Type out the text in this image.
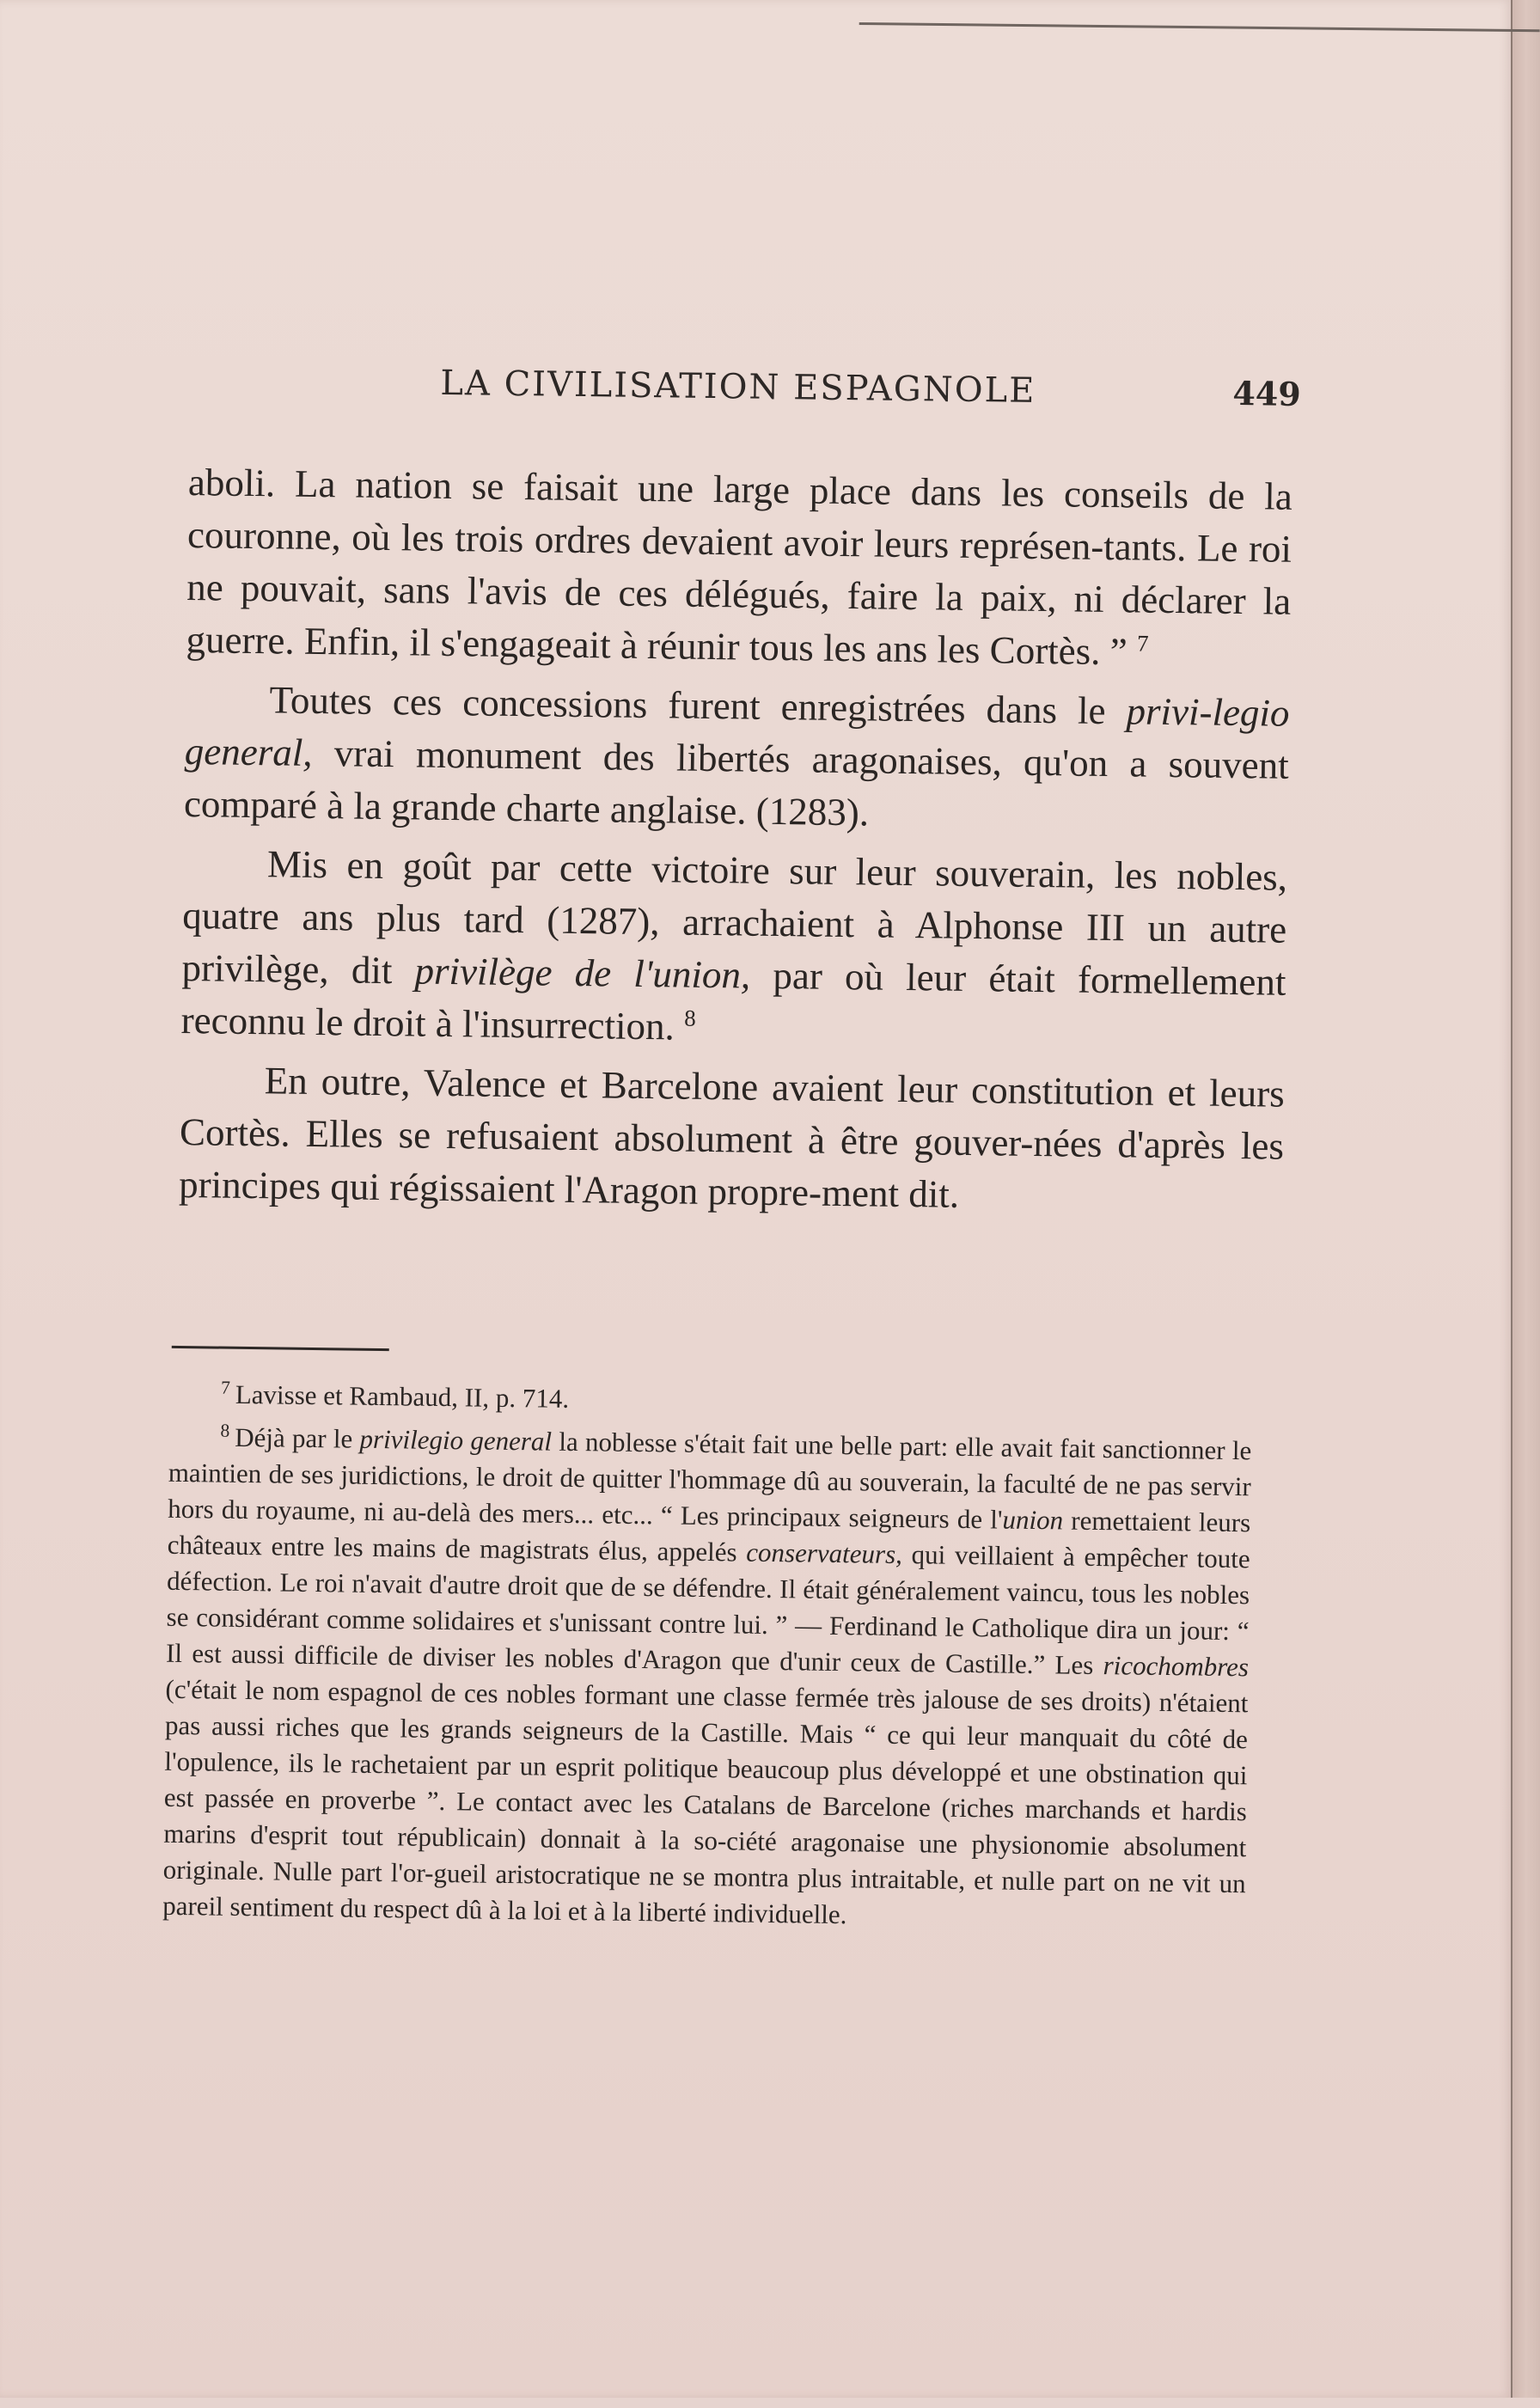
LA CIVILISATION ESPAGNOLE	449

aboli. La nation se faisait une large place dans les conseils de la couronne, où les trois ordres devaient avoir leurs représen-tants. Le roi ne pouvait, sans l'avis de ces délégués, faire la paix, ni déclarer la guerre. Enfin, il s'engageait à réunir tous les ans les Cortès. ” $^7$

Toutes ces concessions furent enregistrées dans le privi-legio general, vrai monument des libertés aragonaises, qu'on a souvent comparé à la grande charte anglaise. (1283).

Mis en goût par cette victoire sur leur souverain, les nobles, quatre ans plus tard (1287), arrachaient à Alphonse III un autre privilège, dit privilège de l'union, par où leur était formellement reconnu le droit à l'insurrection. $^8$

En outre, Valence et Barcelone avaient leur constitution et leurs Cortès. Elles se refusaient absolument à être gouver-nées d'après les principes qui régissaient l'Aragon propre-ment dit.

$^7$ Lavisse et Rambaud, II, p. 714.

$^8$ Déjà par le privilegio general la noblesse s'était fait une belle part: elle avait fait sanctionner le maintien de ses juridictions, le droit de quitter l'hommage dû au souverain, la faculté de ne pas servir hors du royaume, ni au-delà des mers... etc... “ Les principaux seigneurs de l'union remettaient leurs châteaux entre les mains de magistrats élus, appelés conservateurs, qui veillaient à empêcher toute défection. Le roi n'avait d'autre droit que de se défendre. Il était généralement vaincu, tous les nobles se considérant comme solidaires et s'unissant contre lui. ” — Ferdinand le Catholique dira un jour: “ Il est aussi difficile de diviser les nobles d'Aragon que d'unir ceux de Castille.” Les ricochombres (c'était le nom espagnol de ces nobles formant une classe fermée très jalouse de ses droits) n'étaient pas aussi riches que les grands seigneurs de la Castille. Mais “ ce qui leur manquait du côté de l'opulence, ils le rachetaient par un esprit politique beaucoup plus développé et une obstination qui est passée en proverbe ”. Le contact avec les Catalans de Barcelone (riches marchands et hardis marins d'esprit tout républicain) donnait à la so-ciété aragonaise une physionomie absolument originale. Nulle part l'or-gueil aristocratique ne se montra plus intraitable, et nulle part on ne vit un pareil sentiment du respect dû à la loi et à la liberté individuelle.
